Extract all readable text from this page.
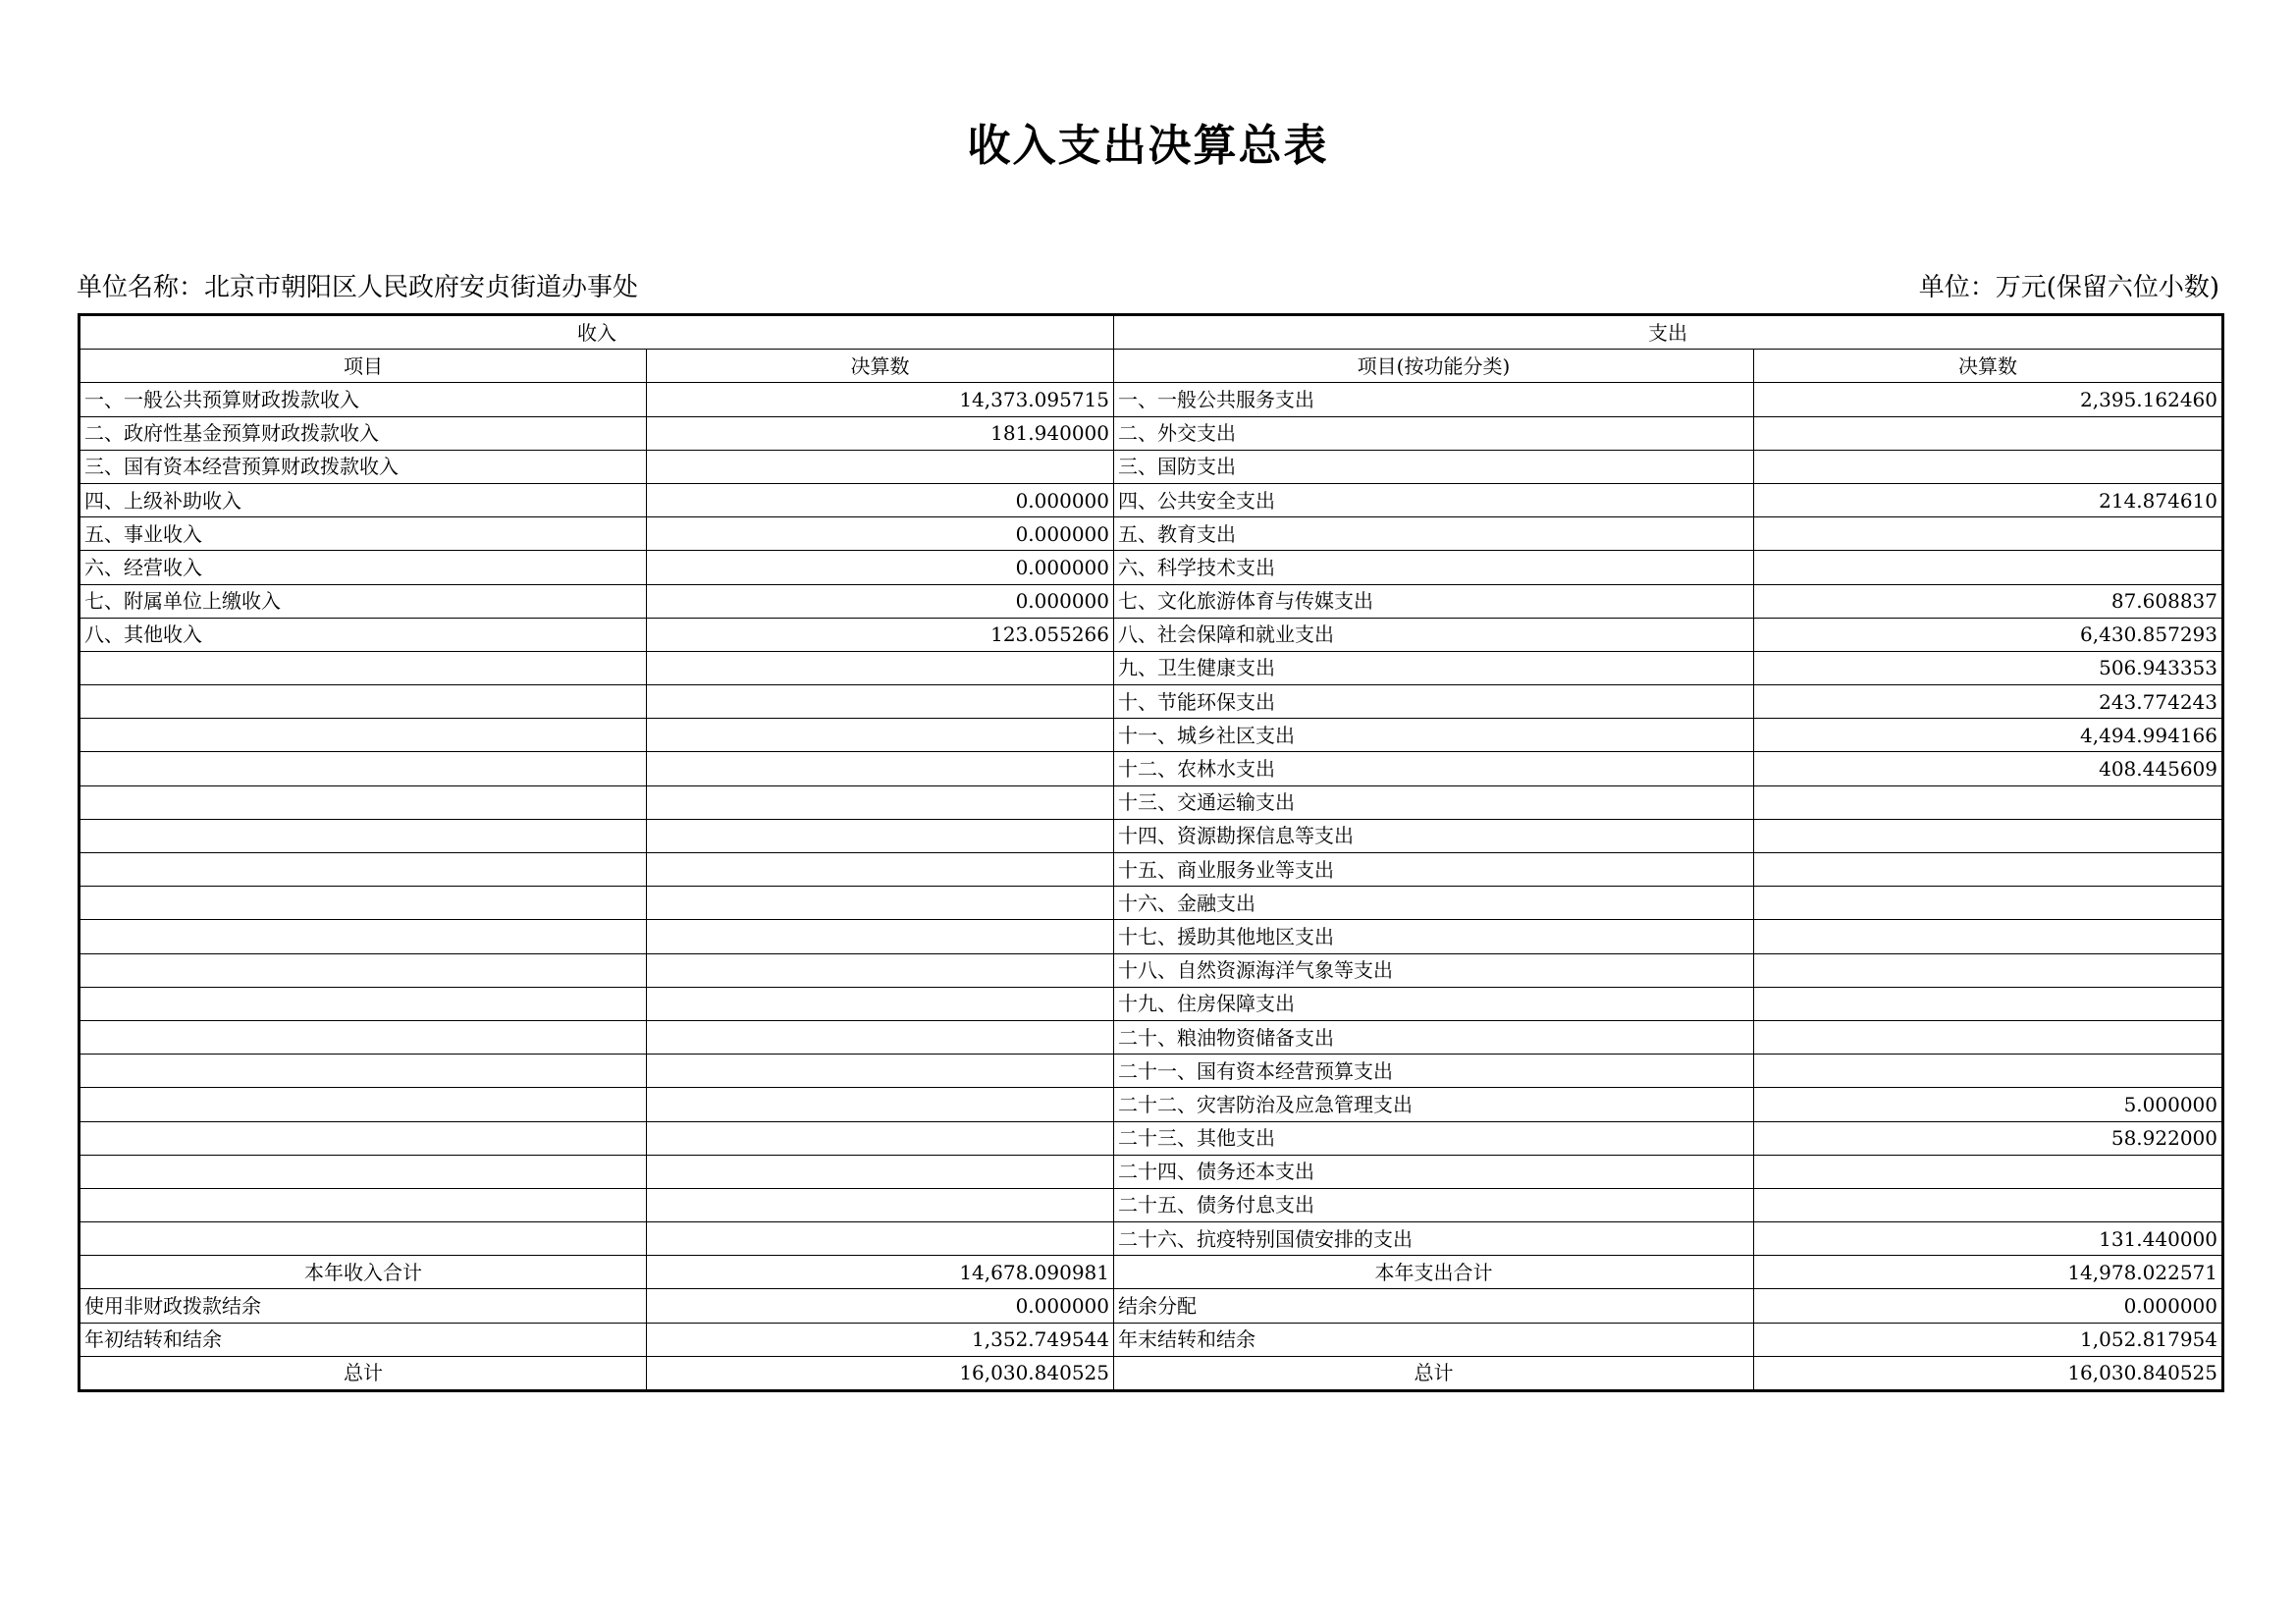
收入支出决算总表
单位名称：北京市朝阳区人民政府安贞街道办事处	单位：万元(保留六位小数)
收入		支出	
项目	决算数	项目(按功能分类)	决算数
一、一般公共预算财政拨款收入	14,373.095715	一、一般公共服务支出	2,395.162460
二、政府性基金预算财政拨款收入	181.940000	二、外交支出	
三、国有资本经营预算财政拨款收入		三、国防支出	
四、上级补助收入	0.000000	四、公共安全支出	214.874610
五、事业收入	0.000000	五、教育支出	
六、经营收入	0.000000	六、科学技术支出	
七、附属单位上缴收入	0.000000	七、文化旅游体育与传媒支出	87.608837
八、其他收入	123.055266	八、社会保障和就业支出	6,430.857293
		九、卫生健康支出	506.943353
		十、节能环保支出	243.774243
		十一、城乡社区支出	4,494.994166
		十二、农林水支出	408.445609
		十三、交通运输支出	
		十四、资源勘探信息等支出	
		十五、商业服务业等支出	
		十六、金融支出	
		十七、援助其他地区支出	
		十八、自然资源海洋气象等支出	
		十九、住房保障支出	
		二十、粮油物资储备支出	
		二十一、国有资本经营预算支出	
		二十二、灾害防治及应急管理支出	5.000000
		二十三、其他支出	58.922000
		二十四、债务还本支出	
		二十五、债务付息支出	
		二十六、抗疫特别国债安排的支出	131.440000
本年收入合计	14,678.090981	本年支出合计	14,978.022571
使用非财政拨款结余	0.000000	结余分配	0.000000
年初结转和结余	1,352.749544	年末结转和结余	1,052.817954
总计	16,030.840525	总计	16,030.840525
